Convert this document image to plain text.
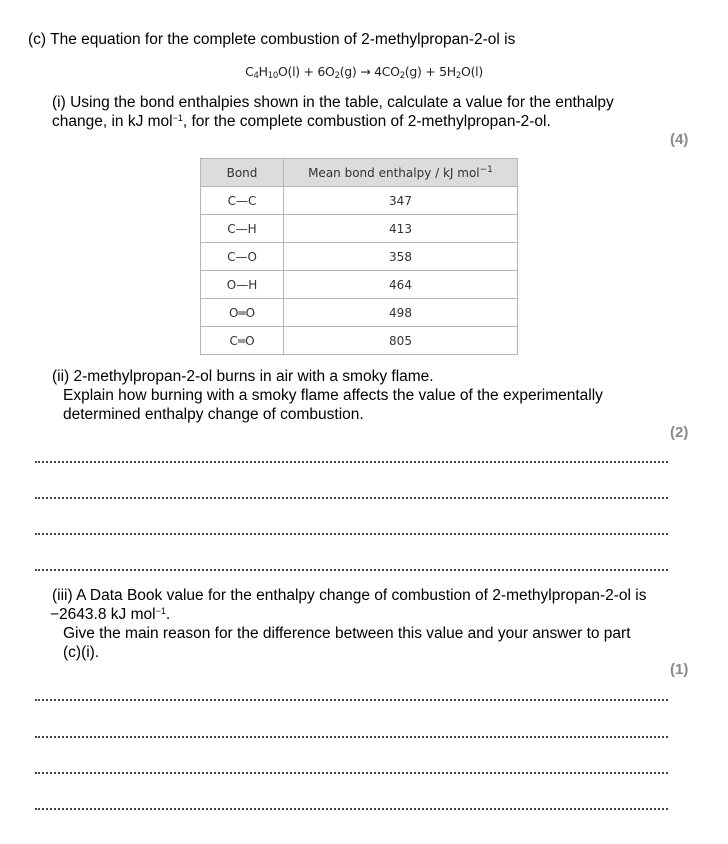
(c) The equation for the complete combustion of 2-methylpropan-2-ol is
$C_4H_{10}O(l) + 6O_2(g) \to 4CO_2(g) + 5H_2O(l)$
(i) Using the bond enthalpies shown in the table, calculate a value for the enthalpy
change, in kJ mol$^{-1}$, for the complete combustion of 2-methylpropan-2-ol.
(4)
Bond	Mean bond enthalpy / kJ mol$^{-1}$
C—C	347
C—H	413
C—O	358
O—H	464
O═O	498
C═O	805
(ii) 2-methylpropan-2-ol burns in air with a smoky flame.
Explain how burning with a smoky flame affects the value of the experimentally
determined enthalpy change of combustion.
(2)
(iii) A Data Book value for the enthalpy change of combustion of 2-methylpropan-2-ol is
−2643.8 kJ mol$^{-1}$.
Give the main reason for the difference between this value and your answer to part
(c)(i).
(1)
